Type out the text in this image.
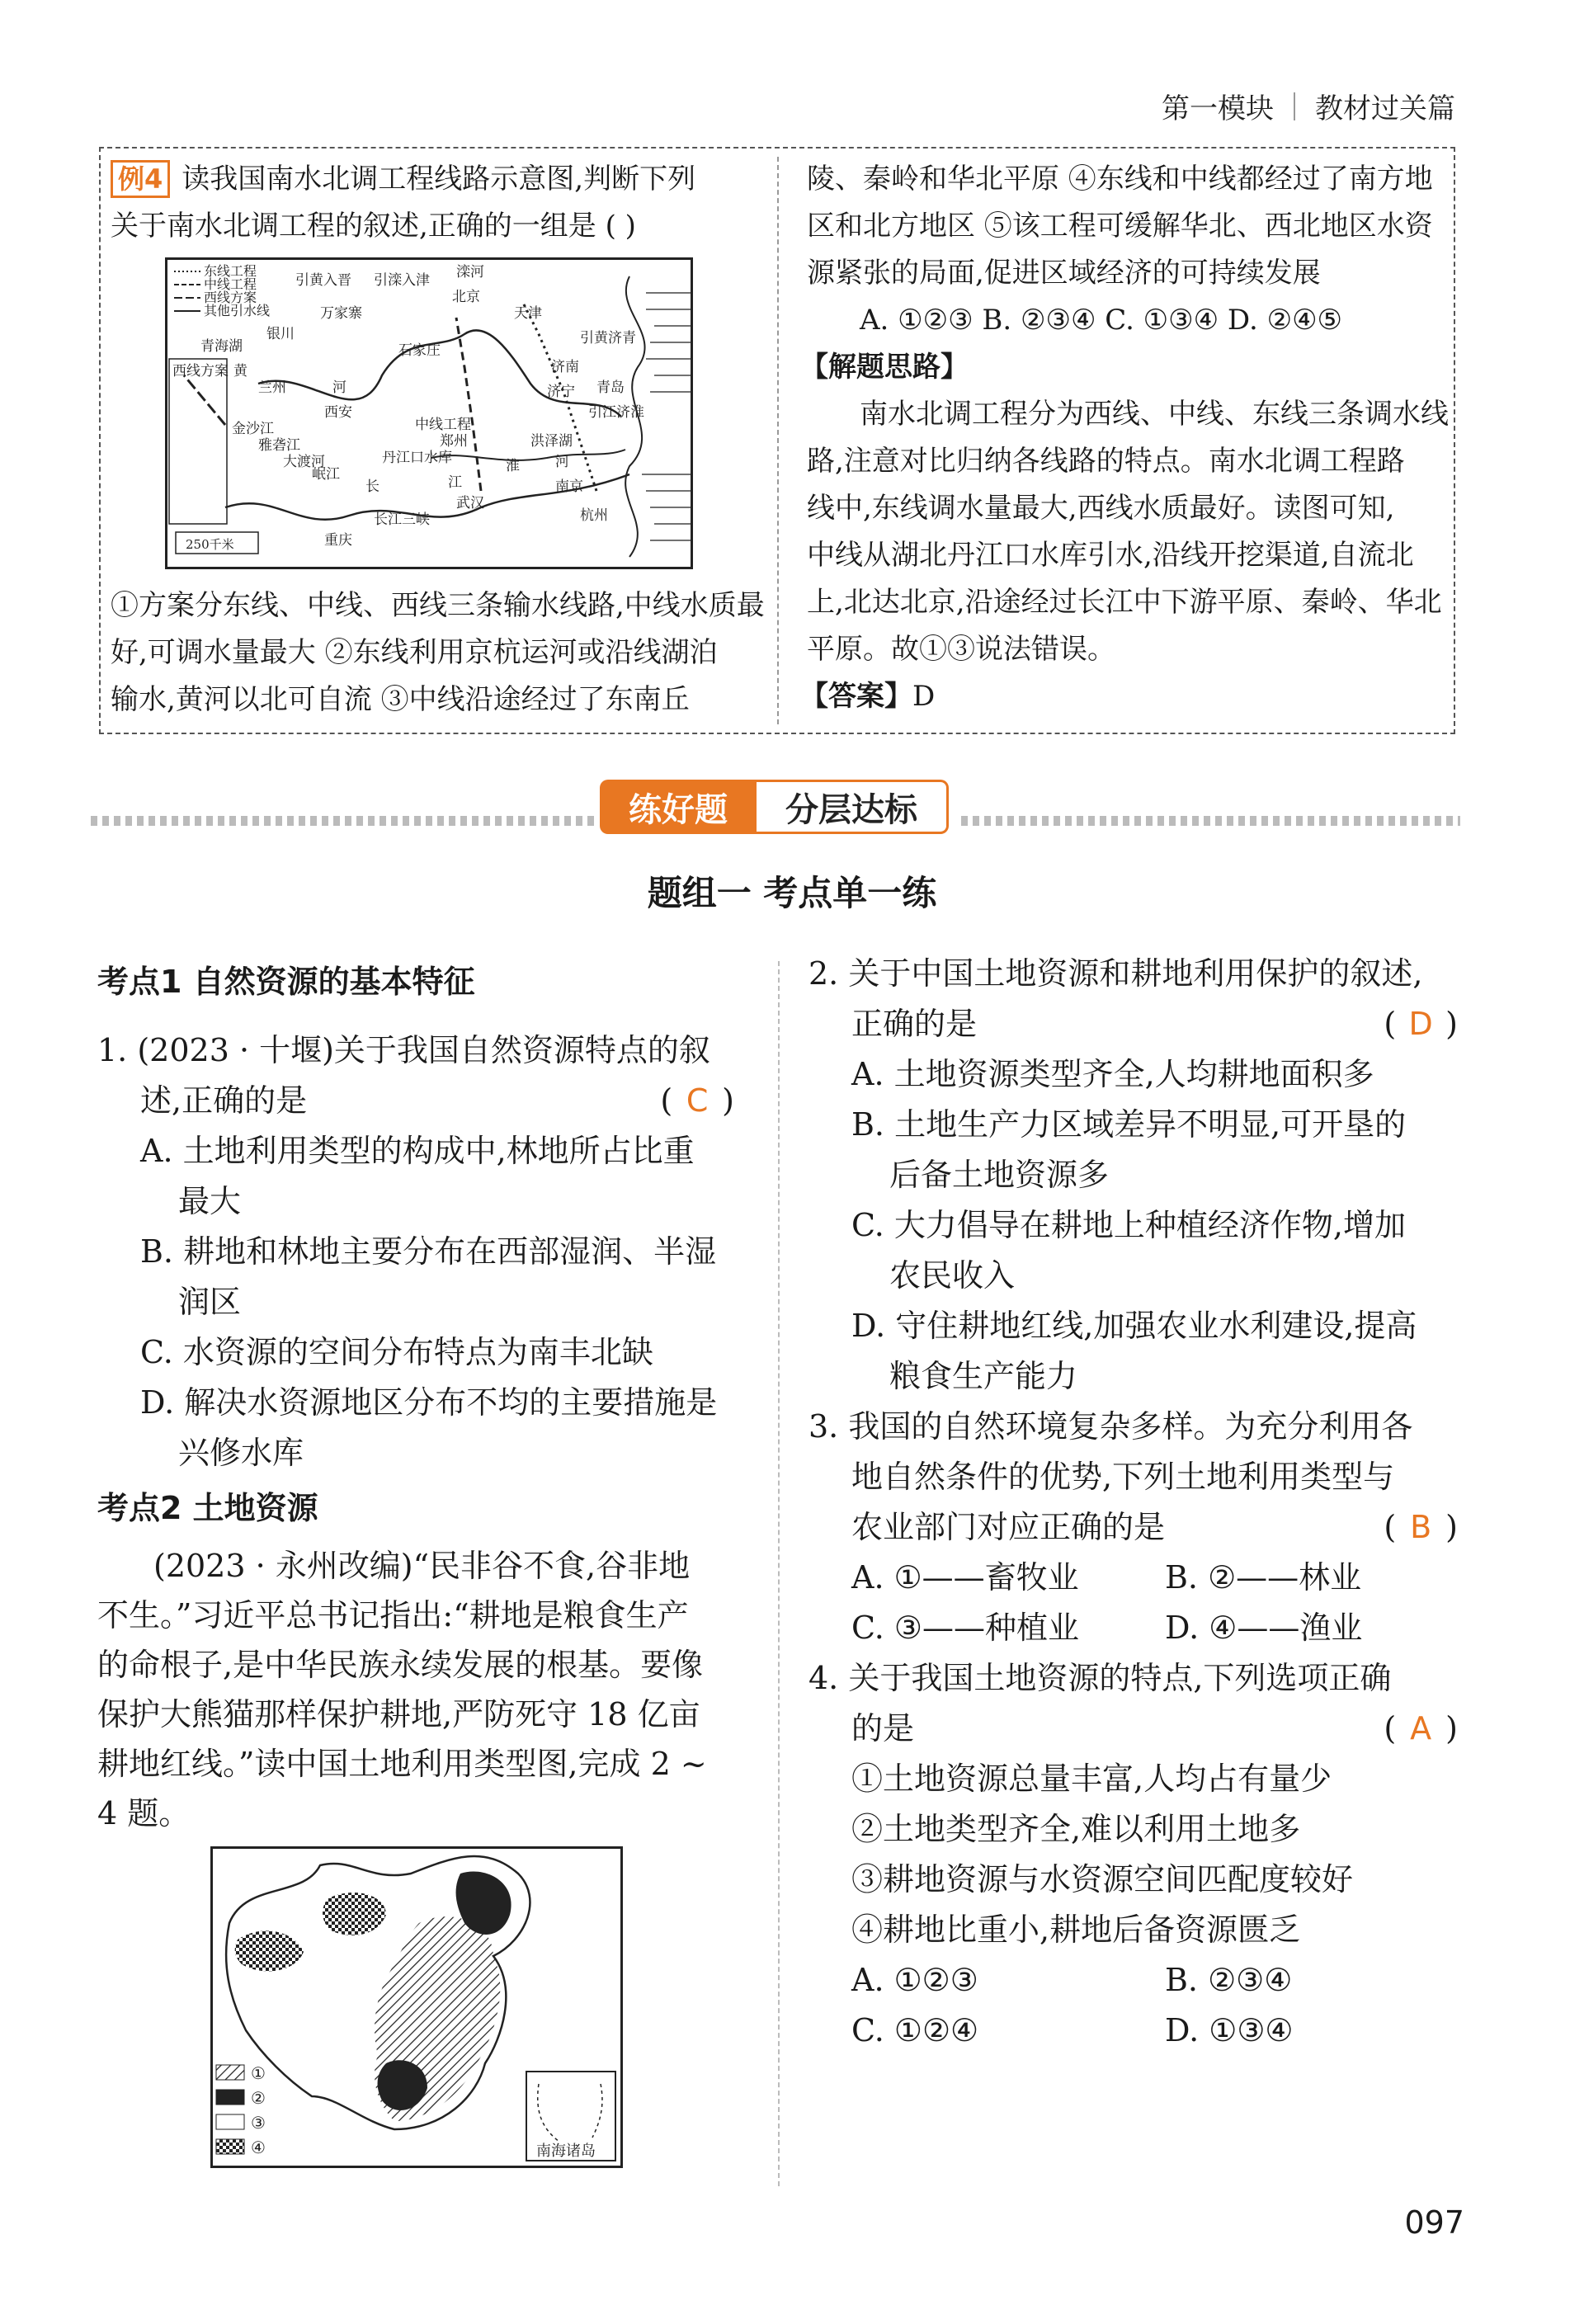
第一模块 教材过关篇
例4 读我国南水北调工程线路示意图,判断下列
关于南水北调工程的叙述,正确的一组是 ( )
东线工程
中线工程
西线方案
其他引水线
引黄入晋 引滦入津 滦河
银川
万家寨
北京
天津
青海湖
西线方案
兰州
黄
河
石家庄
引黄济青
济南
济宁
西安
中线工程
郑州	洪泽湖
青岛
引江济淮
丹江口水库
长	江
淮	河
武汉
南京
金沙江
雅砻江
大渡河
岷江
长江三峡	杭州
重庆
250千米
①方案分东线、中线、西线三条输水线路,中线水质最
好,可调水量最大 ②东线利用京杭运河或沿线湖泊
输水,黄河以北可自流 ③中线沿途经过了东南丘
陵、秦岭和华北平原 ④东线和中线都经过了南方地
区和北方地区 ⑤该工程可缓解华北、西北地区水资
源紧张的局面,促进区域经济的可持续发展
A. ①②③ B. ②③④ C. ①③④ D. ②④⑤
【解题思路】
南水北调工程分为西线、中线、东线三条调水线
路,注意对比归纳各线路的特点。南水北调工程路
线中,东线调水量最大,西线水质最好。读图可知,
中线从湖北丹江口水库引水,沿线开挖渠道,自流北
上,北达北京,沿途经过长江中下游平原、秦岭、华北
平原。故①③说法错误。
【答案】D
练好题	分层达标
题组一 考点单一练
考点1 自然资源的基本特征
1. (2023 · 十堰)关于我国自然资源特点的叙
述,正确的是	( C )
A. 土地利用类型的构成中,林地所占比重
最大
B. 耕地和林地主要分布在西部湿润、半湿
润区
C. 水资源的空间分布特点为南丰北缺
D. 解决水资源地区分布不均的主要措施是
兴修水库
考点2 土地资源
(2023 · 永州改编)“民非谷不食,谷非地
不生。”习近平总书记指出:“耕地是粮食生产
的命根子,是中华民族永续发展的根基。要像
保护大熊猫那样保护耕地,严防死守 18 亿亩
耕地红线。”读中国土地利用类型图,完成 2 ~
4 题。
①
②
③
④	南海诸岛
2. 关于中国土地资源和耕地利用保护的叙述,
正确的是	( D )
A. 土地资源类型齐全,人均耕地面积多
B. 土地生产力区域差异不明显,可开垦的
后备土地资源多
C. 大力倡导在耕地上种植经济作物,增加
农民收入
D. 守住耕地红线,加强农业水利建设,提高
粮食生产能力
3. 我国的自然环境复杂多样。为充分利用各
地自然条件的优势,下列土地利用类型与
农业部门对应正确的是	( B )
A. ①——畜牧业	B. ②——林业
C. ③——种植业	D. ④——渔业
4. 关于我国土地资源的特点,下列选项正确
的是	( A )
①土地资源总量丰富,人均占有量少
②土地类型齐全,难以利用土地多
③耕地资源与水资源空间匹配度较好
④耕地比重小,耕地后备资源匮乏
A. ①②③	B. ②③④
C. ①②④	D. ①③④
097
